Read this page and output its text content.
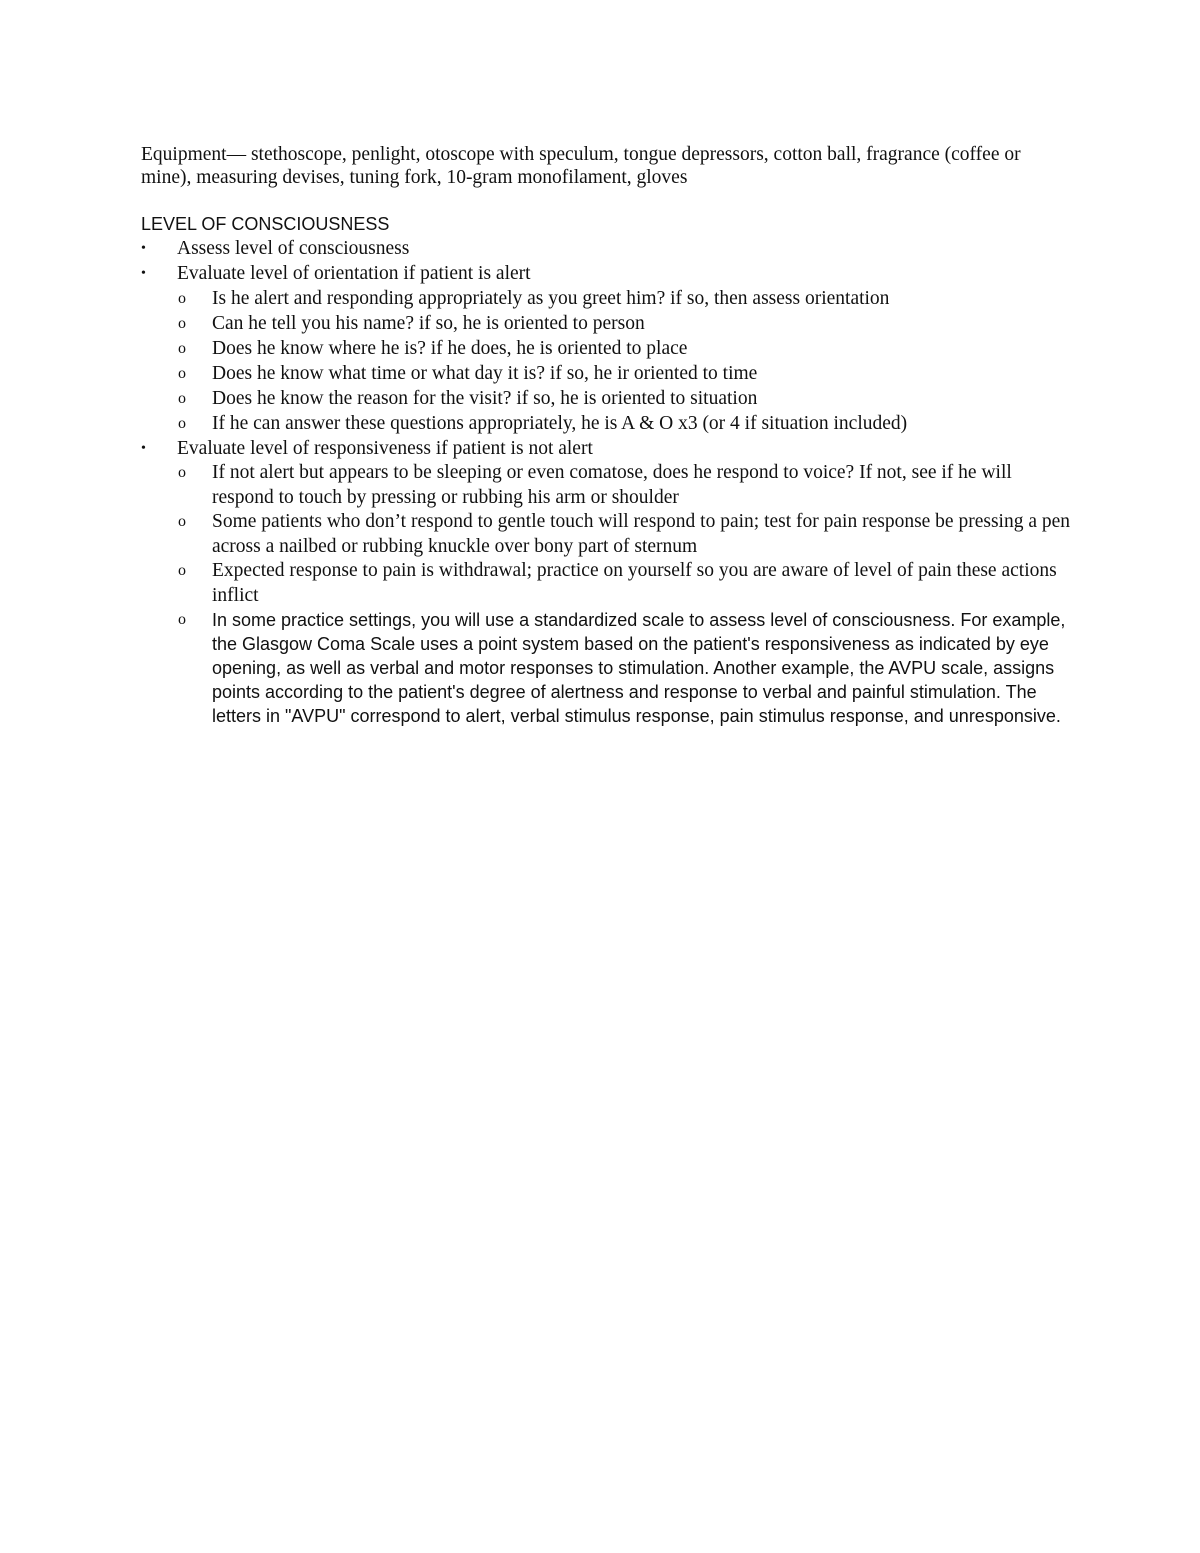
Equipment— stethoscope, penlight, otoscope with speculum, tongue depressors, cotton ball, fragrance (coffee or mine), measuring devises, tuning fork, 10-gram monofilament, gloves

LEVEL OF CONSCIOUSNESS
•	Assess level of consciousness
•	Evaluate level of orientation if patient is alert
o Is he alert and responding appropriately as you greet him? if so, then assess orientation
o Can he tell you his name? if so, he is oriented to person
o Does he know where he is? if he does, he is oriented to place
o Does he know what time or what day it is? if so, he ir oriented to time
o Does he know the reason for the visit? if so, he is oriented to situation
o If he can answer these questions appropriately, he is A & O x3 (or 4 if situation included)
•	Evaluate level of responsiveness if patient is not alert
o If not alert but appears to be sleeping or even comatose, does he respond to voice? If not, see if he will respond to touch by pressing or rubbing his arm or shoulder
o Some patients who don’t respond to gentle touch will respond to pain; test for pain response be pressing a pen across a nailbed or rubbing knuckle over bony part of sternum
o Expected response to pain is withdrawal; practice on yourself so you are aware of level of pain these actions inflict
o In some practice settings, you will use a standardized scale to assess level of consciousness. For example, the Glasgow Coma Scale uses a point system based on the patient's responsiveness as indicated by eye opening, as well as verbal and motor responses to stimulation. Another example, the AVPU scale, assigns points according to the patient's degree of alertness and response to verbal and painful stimulation. The letters in "AVPU" correspond to alert, verbal stimulus response, pain stimulus response, and unresponsive.
